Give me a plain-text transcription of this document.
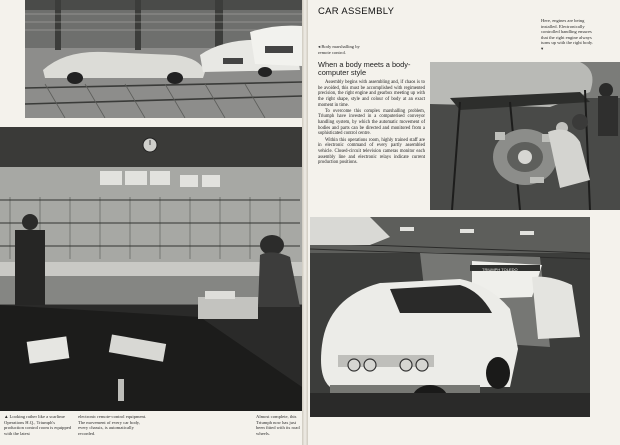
▲Looking rather like a scarlime Operations H.Q., Triumph's production control room is equipped with the latest
electronic remote-control equipment. The movement of every car body, every chassis, is automatically recorded.
CAR ASSEMBLY
◂Body marshalling by remote control.
Here, engines are being installed. Electronically controlled handling ensures that the right engine always turns up with the right body. ▾
When a body meets a body-computer style

Assembly begins with assembling and, if chaos is to be avoided, this must be accomplished with regimented precision, the right engine and gearbox meeting up with the right shape, style and colour of body at an exact moment in time.

To overcome this complex marshalling problem, Triumph have invested in a computerised conveyor handling system, by which the automatic movement of bodies and parts can be directed and monitored from a sophisticated control centre.

Within this operations room, highly trained staff are in electronic command of every partly assembled vehicle. Closed-circuit television cameras monitor each assembly line and electronic relays indicate current production positions.

TRIUMPH TOLEDO
Almost complete, this Triumph now has just been fitted with its road wheels.
